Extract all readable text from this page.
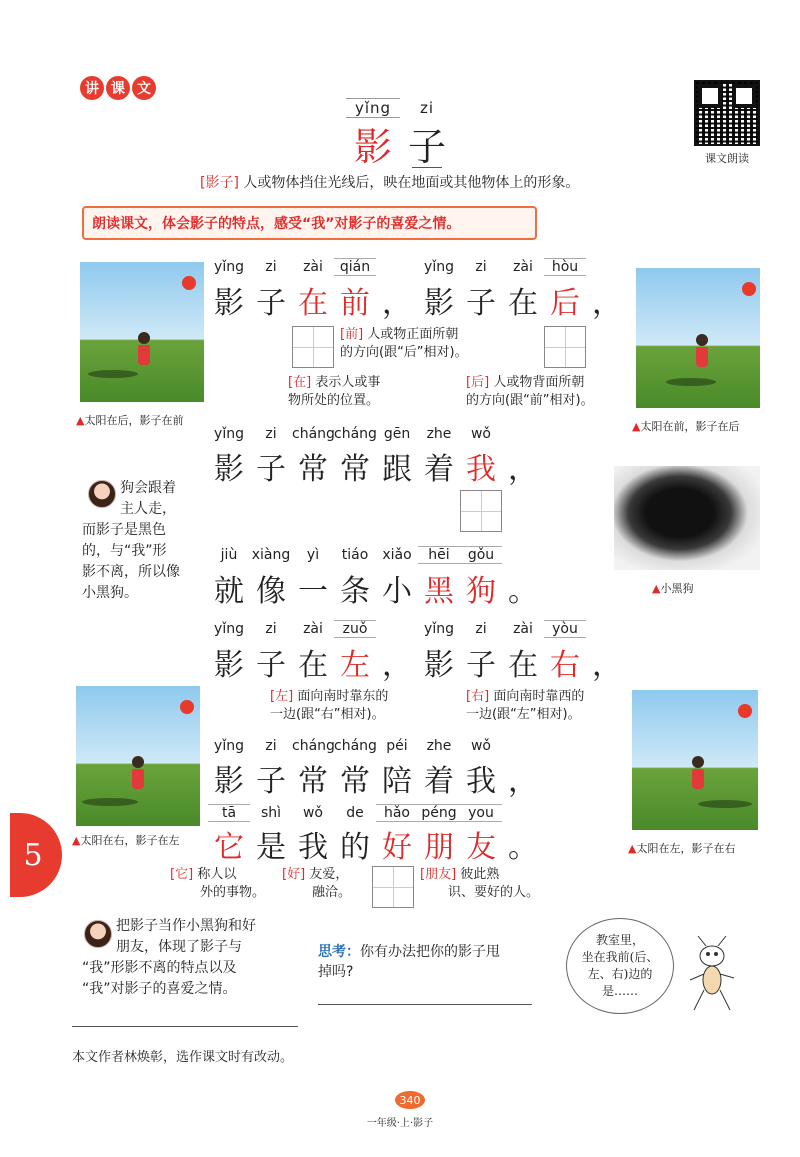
讲 课 文
课文朗读
yǐng zi
影 子
[影子] 人或物体挡住光线后，映在地面或其他物体上的形象。
朗读课文，体会影子的特点，感受“我”对影子的喜爱之情。
▲太阳在后，影子在前	▲太阳在前，影子在后
yǐng zi zài qián	yǐng zi zài hòu
影 子 在 前 ， 影 子 在 后 ，
[前] 人或物正面所朝
的方向(跟“后”相对)。
[在] 表示人或事
物所处的位置。
[后] 人或物背面所朝
的方向(跟“前”相对)。
yǐng zi chángcháng gēn zhe wǒ
影 子 常 常 跟 着 我 ，
狗会跟着
主人走，
而影子是黑色
的，与“我”形
影不离，所以像
小黑狗。	▲小黑狗
jiù xiàng yì tiáo xiǎo hēi gǒu
就 像 一 条 小 黑 狗 。
yǐng zi zài zuǒ	yǐng zi zài yòu
影 子 在 左 ， 影 子 在 右 ，
[左] 面向南时靠东的
一边(跟“右”相对)。
[右] 面向南时靠西的
一边(跟“左”相对)。
▲太阳在右，影子在左
▲太阳在左，影子在右
yǐng zi chángcháng péi zhe wǒ
影 子 常 常 陪 着 我 ，
tā shì wǒ de hǎo péng you
它 是 我 的 好 朋 友 。
[它] 称人以
外的事物。
[好] 友爱，
融洽。
[朋友] 彼此熟
识、要好的人。
5
把影子当作小黑狗和好
朋友，体现了影子与
“我”形影不离的特点以及
“我”对影子的喜爱之情。
思考：你有办法把你的影子甩
掉吗?
教室里，
坐在我前(后、
左、右)边的
是……
本文作者林焕彰，选作课文时有改动。
340
一年级·上·影子
